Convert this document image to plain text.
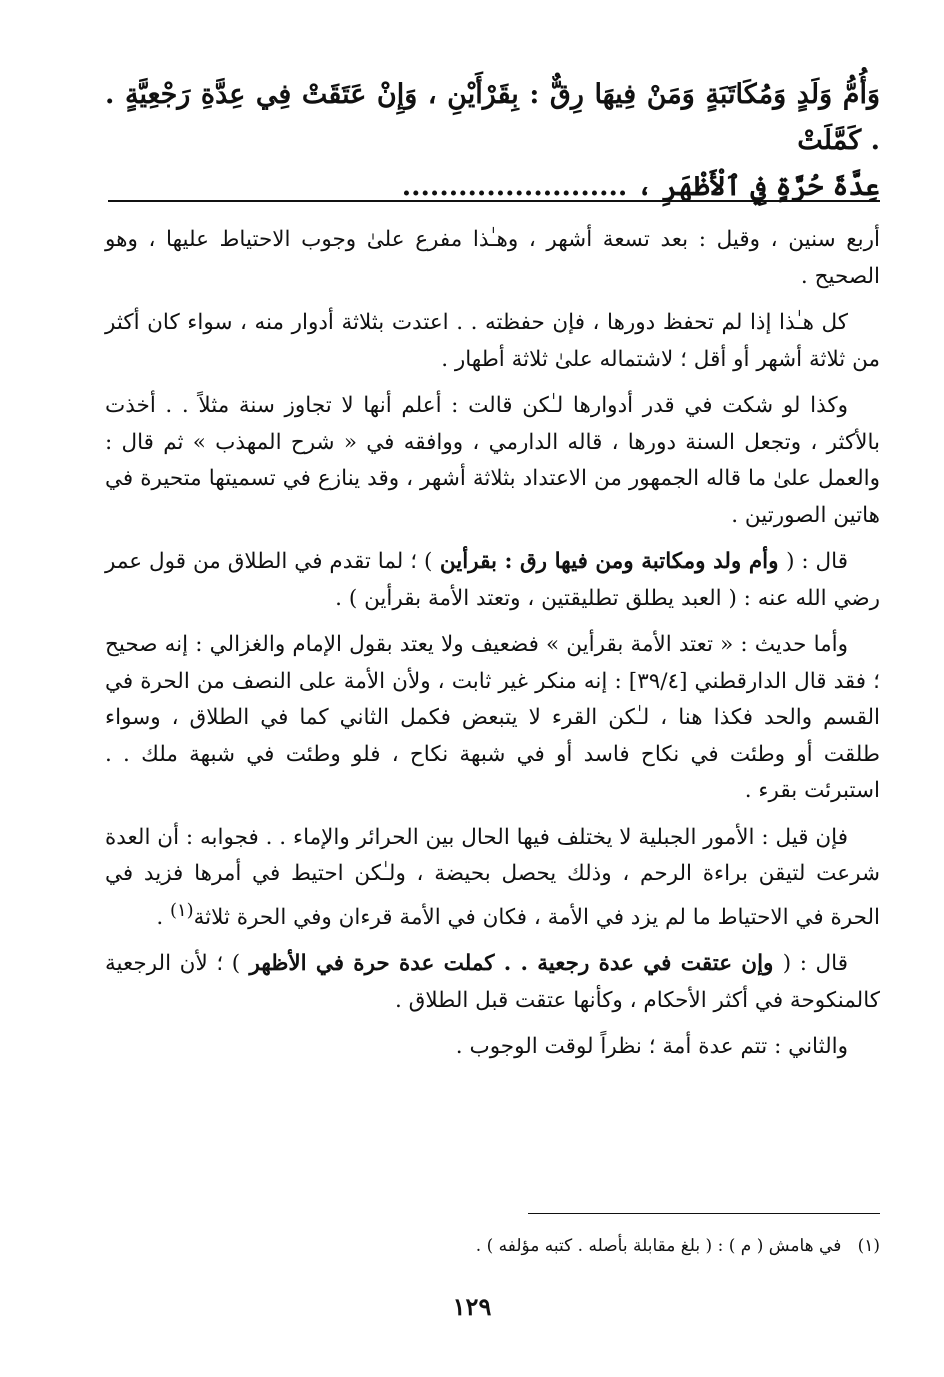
وَأُمُّ وَلَدٍ وَمُكَاتَبَةٍ وَمَنْ فِيهَا رِقٌّ : بِقَرْأَيْنِ ، وَإِنْ عَتَقَتْ فِي عِدَّةِ رَجْعِيَّةٍ . . كَمَّلَتْ
عِدَّةَ حُرَّةٍ فِي ٱلْأَظْهَرِ ، ........................

أربع سنين ، وقيل : بعد تسعة أشهر ، وهـٰذا مفرع علىٰ وجوب الاحتياط عليها ، وهو الصحيح .

كل هـٰذا إذا لم تحفظ دورها ، فإن حفظته . . اعتدت بثلاثة أدوار منه ، سواء كان أكثر من ثلاثة أشهر أو أقل ؛ لاشتماله علىٰ ثلاثة أطهار .

وكذا لو شكت في قدر أدوارها لـٰكن قالت : أعلم أنها لا تجاوز سنة مثلاً . . أخذت بالأكثر ، وتجعل السنة دورها ، قاله الدارمي ، ووافقه في « شرح المهذب » ثم قال : والعمل علىٰ ما قاله الجمهور من الاعتداد بثلاثة أشهر ، وقد ينازع في تسميتها متحيرة في هاتين الصورتين .

قال : ( وأم ولد ومكاتبة ومن فيها رق : بقرأين ) ؛ لما تقدم في الطلاق من قول عمر رضي الله عنه : ( العبد يطلق تطليقتين ، وتعتد الأمة بقرأين ) .

وأما حديث : « تعتد الأمة بقرأين » فضعيف ولا يعتد بقول الإمام والغزالي : إنه صحيح ؛ فقد قال الدارقطني [٣٩/٤] : إنه منكر غير ثابت ، ولأن الأمة على النصف من الحرة في القسم والحد فكذا هنا ، لـٰكن القرء لا يتبعض فكمل الثاني كما في الطلاق ، وسواء طلقت أو وطئت في نكاح فاسد أو في شبهة نكاح ، فلو وطئت في شبهة ملك . . استبرئت بقرء .

فإن قيل : الأمور الجبلية لا يختلف فيها الحال بين الحرائر والإماء . . فجوابه : أن العدة شرعت لتيقن براءة الرحم ، وذلك يحصل بحيضة ، ولـٰكن احتيط في أمرها فزيد في الحرة في الاحتياط ما لم يزد في الأمة ، فكان في الأمة قرءان وفي الحرة ثلاثة$^{(١)}$ .

قال : ( وإن عتقت في عدة رجعية . . كملت عدة حرة في الأظهر ) ؛ لأن الرجعية كالمنكوحة في أكثر الأحكام ، وكأنها عتقت قبل الطلاق .

والثاني : تتم عدة أمة ؛ نظراً لوقت الوجوب .

(١)   في هامش ( م ) : ( بلغ مقابلة بأصله . كتبه مؤلفه ) .
١٢٩
